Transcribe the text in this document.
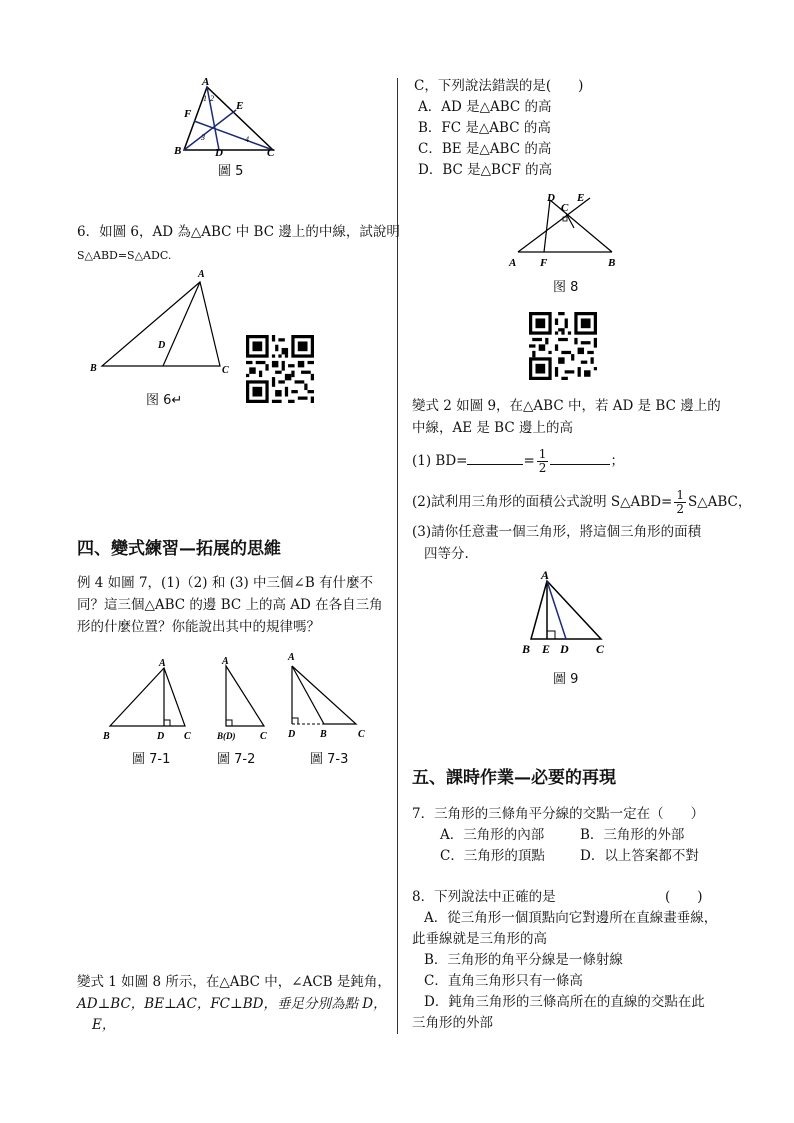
A
B	C
D
E
F
1 2
3	4
圖 5
6．如圖 6，AD 為△ABC 中 BC 邊上的中線，試說明
S△ABD=S△ADC.
A
B	C
D
图 6↵
四、變式練習—拓展的思維
例 4 如圖 7，(1)（2) 和 (3) 中三個∠B 有什麼不
同？這三個△ABC 的邊 BC 上的高 AD 在各自三角
形的什麼位置？你能說出其中的規律嗎？
A
B	D C
A
B(D) C
A
D B	C
圖 7-1	圖 7-2	圖 7-3
變式 1 如圖 8 所示，在△ABC 中，∠ACB 是鈍角，
AD⊥BC，BE⊥AC，FC⊥BD，垂足分別為點 D，
E，
C，下列說法錯誤的是(　　)
A．AD 是△ABC 的高
B．FC 是△ABC 的高
C．BE 是△ABC 的高
D．BC 是△BCF 的高
D
C
E
A F	B
图 8
變式 2 如圖 9，在△ABC 中，若 AD 是 BC 邊上的
中線，AE 是 BC 邊上的高
(1) BD=	= $\frac{1}{2}$	；
(2)試利用三角形的面積公式說明 S△ABD= $\frac{1}{2}$ S△ABC，
(3)請你任意畫一個三角形，將這個三角形的面積
四等分.
A
B E D C
圖 9
五、課時作業—必要的再現
7．三角形的三條角平分線的交點一定在（　　）
A．三角形的內部	B．三角形的外部
C．三角形的頂點	D．以上答案都不對
8．下列說法中正確的是	(　　)
A．從三角形一個頂點向它對邊所在直線畫垂線，
此垂線就是三角形的高
B．三角形的角平分線是一條射線
C．直角三角形只有一條高
D．鈍角三角形的三條高所在的直線的交點在此
三角形的外部
